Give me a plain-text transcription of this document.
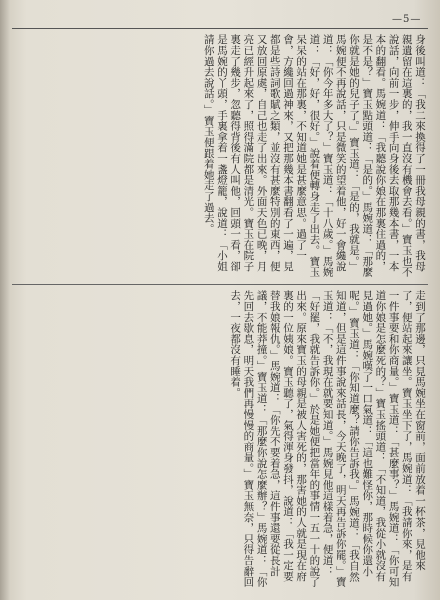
—5—
身後叫道：「我二來換得了一冊我母親的書，我母親遺留在這裏的，我一直沒有機會去看。」寶玉也不說話，向前一步，伸手向身後去取那幾本書，一本本的翻看。馬婉道：「我聽說你娘在那裏住過的，是不是？」寶玉點頭道：「是的。」馬婉道：「那麼你就是她的兒子了。」寶玉道：「是的，我就是。」馬婉便不再說話，只是微笑的望着他，好一會纔說道：「你今年多大了？」寶玉道：「十八歲。」馬婉道：「好，好，很好。」說着便轉身走了出去。寶玉呆呆的站在那裏，不知道她是甚麼意思。過了一會，方纔回過神來，又把那幾本書翻看了一遍，見都是些詩詞歌賦之類，並沒有甚麼特別的東西，便又放回原處，自己也走了出來。外面天色已晚，月亮已經升起來了，照得滿院都是清光。寶玉在院子裏走了幾步，忽聽得背後有人叫他，回頭一看，卻是馬婉的丫頭，手裏拿着一盞燈籠，說道：「小姐請你過去說話。」寶玉便跟着她走了過去。
走到了那邊，只見馬婉坐在窗前，面前放着一杯茶，見他來了，便站起來讓坐。寶玉坐下了，馬婉道：「我請你來，是有一件事要和你商量。」寶玉道：「甚麼事？」馬婉道：「你可知道你娘是怎麼死的？」寶玉搖頭道：「不知道，我從小就沒有見過她。」馬婉嘆了一口氣道：「這也難怪你，那時候你還小呢。」寶玉道：「你知道麼？請你告訴我。」馬婉道：「我自然知道，但是這件事說來話長，今天晚了，明天再告訴你罷。」寶玉道：「不，我現在就要知道。」馬婉見他這樣着急，便道：「好罷，我就告訴你。」於是她便把當年的事情一五一十的說了出來。原來寶玉的母親是被人害死的，那害她的人就是現在府裏的一位姨娘。寶玉聽了，氣得渾身發抖，說道：「我一定要替我娘報仇。」馬婉道：「你先不要着急，這件事還要從長計議，不能莽撞。」寶玉道：「那麼你說怎麼辦？」馬婉道：「你先回去歇息，明天我們再慢慢的商量。」寶玉無奈，只得告辭回去，一夜都沒有睡着。
